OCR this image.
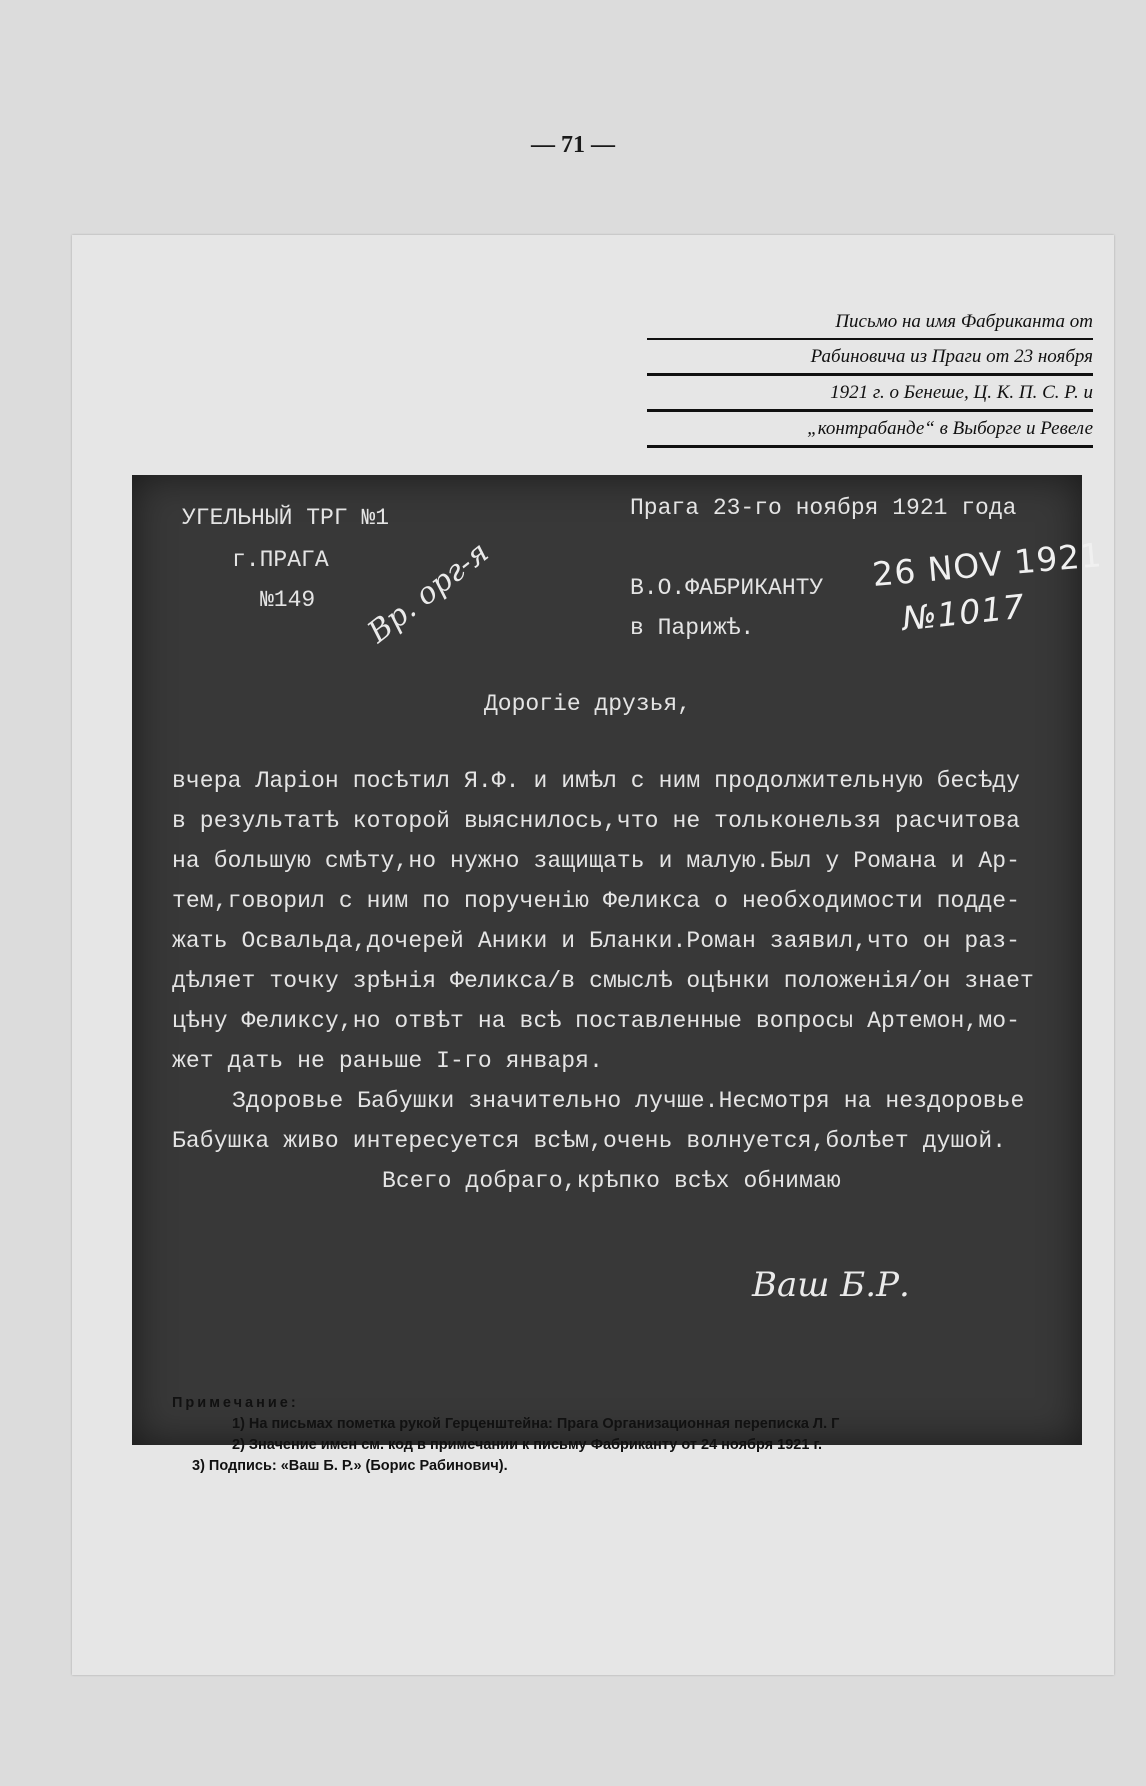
— 71 —
Письмо на имя Фабриканта от
Рабиновича из Праги от 23 ноября
1921 г. о Бенеше, Ц. К. П. С. Р. и
„контрабанде“ в Выборге и Ревеле
УГЕЛЬНЫЙ ТРГ №1
г.ПРАГА
№149
Прага 23-го ноября 1921 года
В.О.ФАБРИКАНТУ
в Парижѣ.
26 NOV 1921
№1017
Вр. орг-я
Дорогіе друзья,
вчера Ларіон посѣтил Я.Ф. и имѣл с ним продолжительную бесѣду
в результатѣ которой выяснилось,что не тольконельзя расчитова
на большую смѣту,но нужно защищать и малую.Был у Романа и Ар-
тем,говорил с ним по порученію Феликса о необходимости подде-
жать Освальда,дочерей Аники и Бланки.Роман заявил,что он раз-
дѣляет точку зрѣнія Феликса/в смыслѣ оцѣнки положенія/он знает
цѣну Феликсу,но отвѣт на всѣ поставленные вопросы Артемон,мо-
жет дать не раньше I-го января.
Здоровье Бабушки значительно лучше.Несмотря на нездоровье
Бабушка живо интересуется всѣм,очень волнуется,болѣет душой.
Всего добраго,крѣпко всѣх обнимаю
Ваш Б.Р.
Примечание:
1) На письмах пометка рукой Герценштейна: Прага Организационная переписка Л. Г
2) Значение имен см. код в примечании к письму Фабриканту от 24 ноября 1921 г.
3) Подпись: «Ваш Б. Р.» (Борис Рабинович).
